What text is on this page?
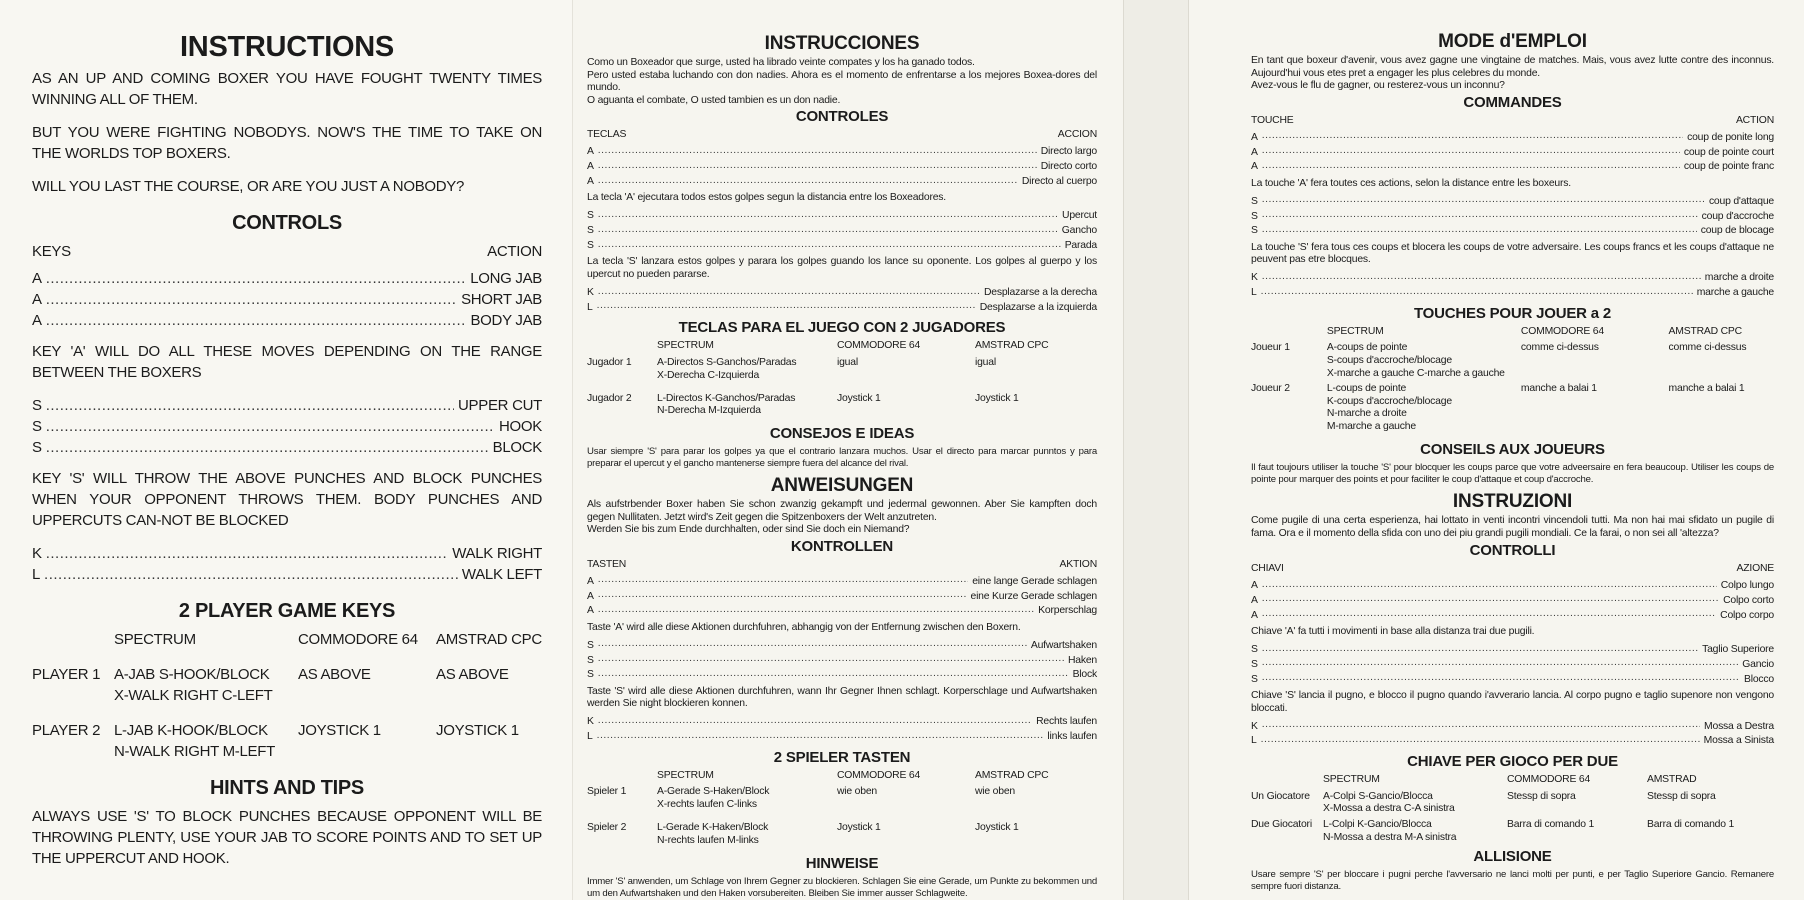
INSTRUCTIONS

AS AN UP AND COMING BOXER YOU HAVE FOUGHT TWENTY TIMES WINNING ALL OF THEM.

BUT YOU WERE FIGHTING NOBODYS. NOW'S THE TIME TO TAKE ON THE WORLDS TOP BOXERS.

WILL YOU LAST THE COURSE, OR ARE YOU JUST A NOBODY?

CONTROLS
KEYS	ACTION
A .....	LONG JAB
A .....	SHORT JAB
A .....	BODY JAB

KEY 'A' WILL DO ALL THESE MOVES DEPENDING ON THE RANGE BETWEEN THE BOXERS

S .....	UPPER CUT
S .....	HOOK
S .....	BLOCK

KEY 'S' WILL THROW THE ABOVE PUNCHES AND BLOCK PUNCHES WHEN YOUR OPPONENT THROWS THEM. BODY PUNCHES AND UPPERCUTS CAN-NOT BE BLOCKED

K .....	WALK RIGHT
L .....	WALK LEFT
2 PLAYER GAME KEYS
	SPECTRUM	COMMODORE 64	AMSTRAD CPC
PLAYER 1	A-JAB S-HOOK/BLOCK
X-WALK RIGHT C-LEFT	AS ABOVE	AS ABOVE
PLAYER 2	L-JAB K-HOOK/BLOCK
N-WALK RIGHT M-LEFT	JOYSTICK 1	JOYSTICK 1
HINTS AND TIPS

ALWAYS USE 'S' TO BLOCK PUNCHES BECAUSE OPPONENT WILL BE THROWING PLENTY, USE YOUR JAB TO SCORE POINTS AND TO SET UP THE UPPERCUT AND HOOK.

INSTRUCCIONES

Como un Boxeador que surge, usted ha librado veinte compates y los ha ganado todos.

Pero usted estaba luchando con don nadies. Ahora es el momento de enfrentarse a los mejores Boxea-dores del mundo.

O aguanta el combate, O usted tambien es un don nadie.

CONTROLES
TECLAS	ACCION
A .....	Directo largo
A .....	Directo corto
A .....	Directo al cuerpo

La tecla 'A' ejecutara todos estos golpes segun la distancia entre los Boxeadores.

S .....	Upercut
S .....	Gancho
S .....	Parada

La tecla 'S' lanzara estos golpes y parara los golpes guando los lance su oponente. Los golpes al guerpo y los upercut no pueden pararse.

K .....	Desplazarse a la derecha
L .....	Desplazarse a la izquierda
TECLAS PARA EL JUEGO CON 2 JUGADORES
	SPECTRUM	COMMODORE 64	AMSTRAD CPC
Jugador 1	A-Directos S-Ganchos/Paradas
X-Derecha C-Izquierda	igual	igual
Jugador 2	L-Directos K-Ganchos/Paradas
N-Derecha M-Izquierda	Joystick 1	Joystick 1
CONSEJOS E IDEAS

Usar siempre 'S' para parar los golpes ya que el contrario lanzara muchos. Usar el directo para marcar punntos y para preparar el upercut y el gancho mantenerse siempre fuera del alcance del rival.

ANWEISUNGEN

Als aufstrbender Boxer haben Sie schon zwanzig gekampft und jedermal gewonnen. Aber Sie kampften doch gegen Nullitaten. Jetzt wird's Zeit gegen die Spitzenboxers der Welt anzutreten.

Werden Sie bis zum Ende durchhalten, oder sind Sie doch ein Niemand?

KONTROLLEN
TASTEN	AKTION
A .....	eine lange Gerade schlagen
A .....	eine Kurze Gerade schlagen
A .....	Korperschlag

Taste 'A' wird alle diese Aktionen durchfuhren, abhangig von der Entfernung zwischen den Boxern.

S .....	Aufwartshaken
S .....	Haken
S .....	Block

Taste 'S' wird alle diese Aktionen durchfuhren, wann Ihr Gegner Ihnen schlagt. Korperschlage und Aufwartshaken werden Sie night blockieren konnen.

K .....	Rechts laufen
L .....	links laufen
2 SPIELER TASTEN
	SPECTRUM	COMMODORE 64	AMSTRAD CPC
Spieler 1	A-Gerade S-Haken/Block
X-rechts laufen C-links	wie oben	wie oben
Spieler 2	L-Gerade K-Haken/Block
N-rechts laufen M-links	Joystick 1	Joystick 1
HINWEISE

Immer 'S' anwenden, um Schlage von Ihrem Gegner zu blockieren. Schlagen Sie eine Gerade, um Punkte zu bekommen und um den Aufwartshaken und den Haken vorsubereiten. Bleiben Sie immer ausser Schlagweite.

MODE d'EMPLOI

En tant que boxeur d'avenir, vous avez gagne une vingtaine de matches. Mais, vous avez lutte contre des inconnus. Aujourd'hui vous etes pret a engager les plus celebres du monde.

Avez-vous le flu de gagner, ou resterez-vous un inconnu?

COMMANDES
TOUCHE	ACTION
A .....	coup de ponite long
A .....	coup de pointe court
A .....	coup de pointe franc

La touche 'A' fera toutes ces actions, selon la distance entre les boxeurs.

S .....	coup d'attaque
S .....	coup d'accroche
S .....	coup de blocage

La touche 'S' fera tous ces coups et blocera les coups de votre adversaire. Les coups francs et les coups d'attaque ne peuvent pas etre blocques.

K .....	marche a droite
L .....	marche a gauche
TOUCHES POUR JOUER a 2
	SPECTRUM	COMMODORE 64	AMSTRAD CPC
Joueur 1	A-coups de pointe
S-coups d'accroche/blocage
X-marche a gauche C-marche a gauche	comme ci-dessus	comme ci-dessus
Joueur 2	L-coups de pointe
K-coups d'accroche/blocage
N-marche a droite
M-marche a gauche	manche a balai 1	manche a balai 1
CONSEILS AUX JOUEURS

Il faut toujours utiliser la touche 'S' pour blocquer les coups parce que votre adveersaire en fera beaucoup. Utiliser les coups de pointe pour marquer des points et pour faciliter le coup d'attaque et coup d'accroche.

INSTRUZIONI

Come pugile di una certa esperienza, hai lottato in venti incontri vincendoli tutti. Ma non hai mai sfidato un pugile di fama. Ora e il momento della sfida con uno dei piu grandi pugili mondiali. Ce la farai, o non sei all 'altezza?

CONTROLLI
CHIAVI	AZIONE
A .....	Colpo lungo
A .....	Colpo corto
A .....	Colpo corpo

Chiave 'A' fa tutti i movimenti in base alla distanza trai due pugili.

S .....	Taglio Superiore
S .....	Gancio
S .....	Blocco

Chiave 'S' lancia il pugno, e blocco il pugno quando i'avverario lancia. Al corpo pugno e taglio supenore non vengono bloccati.

K .....	Mossa a Destra
L .....	Mossa a Sinista
CHIAVE PER GIOCO PER DUE
	SPECTRUM	COMMODORE 64	AMSTRAD
Un Giocatore	A-Colpi S-Gancio/Blocca
X-Mossa a destra C-A sinistra	Stessp di sopra	Stessp di sopra
Due Giocatori	L-Colpi K-Gancio/Blocca
N-Mossa a destra M-A sinistra	Barra di comando 1	Barra di comando 1
ALLISIONE

Usare sempre 'S' per bloccare i pugni perche l'avversario ne lanci molti per punti, e per Taglio Superiore Gancio. Remanere sempre fuori distanza.
